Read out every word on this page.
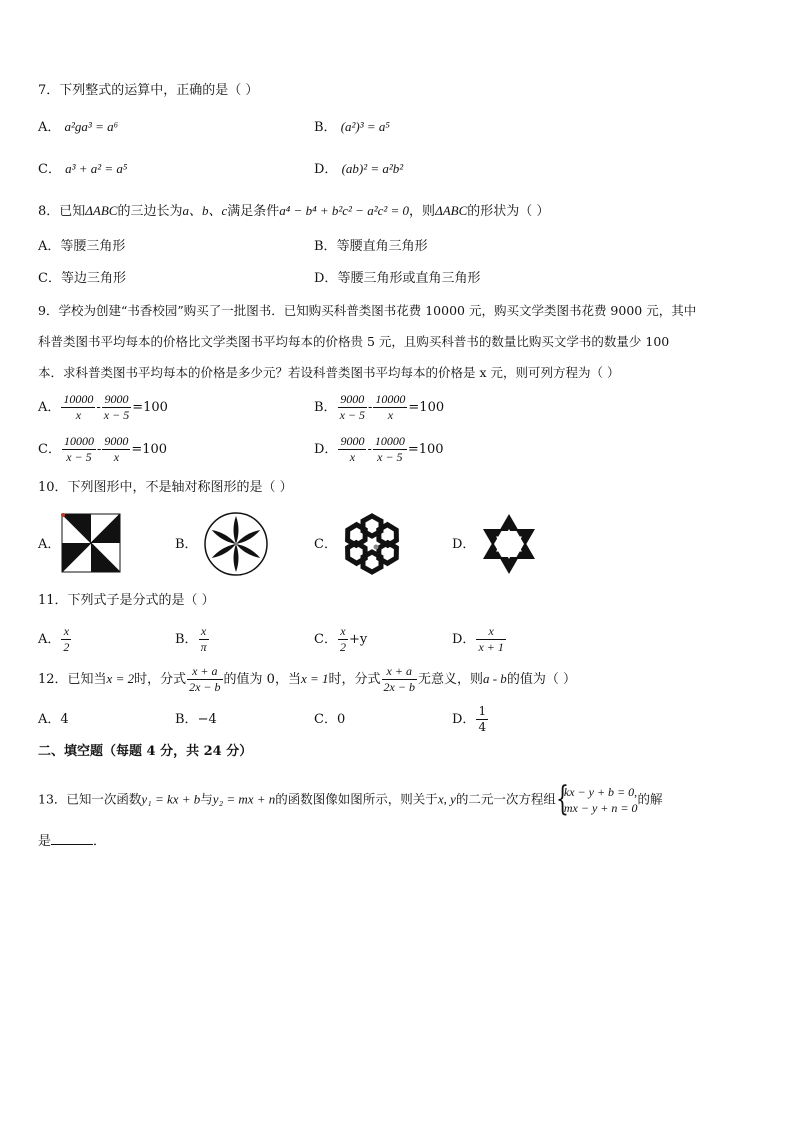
7．下列整式的运算中，正确的是（ ）
A． a²ga³ = a⁶	B． (a²)³ = a⁵
C． a³ + a² = a⁵	D． (ab)² = a²b²
8．已知ΔABC的三边长为a、b、c满足条件a⁴ − b⁴ + b²c² − a²c² = 0，则ΔABC的形状为（ ）
A．等腰三角形	B．等腰直角三角形
C．等边三角形	D．等腰三角形或直角三角形
9．学校为创建“书香校园”购买了一批图书．已知购买科普类图书花费 10000 元，购买文学类图书花费 9000 元，其中
科普类图书平均每本的价格比文学类图书平均每本的价格贵 5 元，且购买科普书的数量比购买文学书的数量少 100
本．求科普类图书平均每本的价格是多少元？若设科普类图书平均每本的价格是 x 元，则可列方程为（ ）
A． $\frac{10000}{x} - \frac{9000}{x - 5} =100$	B． $\frac{9000}{x - 5} - \frac{10000}{x} =100$
C． $\frac{10000}{x - 5} - \frac{9000}{x} =100$	D． $\frac{9000}{x} - \frac{10000}{x - 5} =100$
10．下列图形中，不是轴对称图形的是（ ）
A．	B．	C．	D．
11．下列式子是分式的是（ ）
A． $\frac{x}{2}$	B． $\frac{x}{\pi}$	C． $\frac{x}{2} +y$	D． $\frac{x}{x + 1}$
12．已知当x = 2时，分式 $\frac{x + a}{2x - b}$ 的值为 0，当x = 1时，分式 $\frac{x + a}{2x - b}$ 无意义，则a - b的值为（ ）
A．4	B．−4	C．0	D． $\frac{1}{4}$
二、填空题（每题 4 分，共 24 分）
13．已知一次函数y₁ = kx + b与y₂ = mx + n的函数图像如图所示，则关于x, y的二元一次方程组 {
kx − y + b = 0,
mx − y + n = 0
的解
是	．
